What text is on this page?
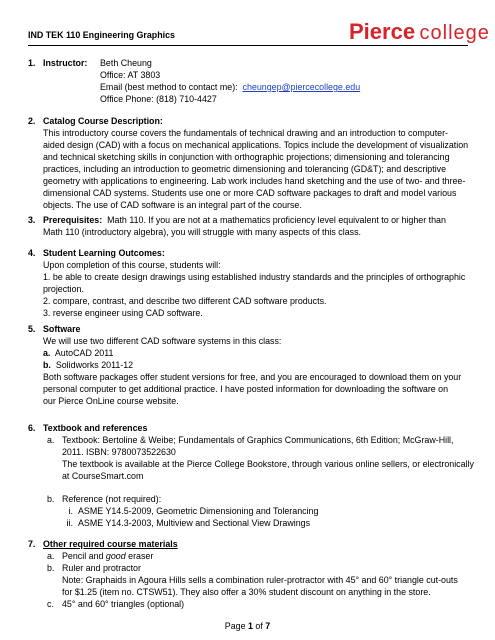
IND TEK 110 Engineering Graphics	Pierce college
1. Instructor: Beth Cheung
Office: AT 3803
Email (best method to contact me): cheungep@piercecollege.edu
Office Phone: (818) 710-4427
2. Catalog Course Description:
This introductory course covers the fundamentals of technical drawing and an introduction to computer-
aided design (CAD) with a focus on mechanical applications. Topics include the development of visualization
and technical sketching skills in conjunction with orthographic projections; dimensioning and tolerancing
practices, including an introduction to geometric dimensioning and tolerancing (GD&T); and descriptive
geometry with applications to engineering. Lab work includes hand sketching and the use of two- and three-
dimensional CAD systems. Students use one or more CAD software packages to draft and model various
objects. The use of CAD software is an integral part of the course.
3. Prerequisites: Math 110. If you are not at a mathematics proficiency level equivalent to or higher than
Math 110 (introductory algebra), you will struggle with many aspects of this class.
4. Student Learning Outcomes:
Upon completion of this course, students will:
1. be able to create design drawings using established industry standards and the principles of orthographic
projection.
2. compare, contrast, and describe two different CAD software products.
3. reverse engineer using CAD software.
5. Software
We will use two different CAD software systems in this class:
a. AutoCAD 2011
b. Solidworks 2011-12
Both software packages offer student versions for free, and you are encouraged to download them on your
personal computer to get additional practice. I have posted information for downloading the software on
our Pierce OnLine course website.
6. Textbook and references
a. Textbook: Bertoline & Weibe; Fundamentals of Graphics Communications, 6th Edition; McGraw-Hill,
2011. ISBN: 9780073522630
The textbook is available at the Pierce College Bookstore, through various online sellers, or electronically
at CourseSmart.com
b. Reference (not required):
i. ASME Y14.5-2009, Geometric Dimensioning and Tolerancing
ii. ASME Y14.3-2003, Multiview and Sectional View Drawings
7. Other required course materials
a. Pencil and good eraser
b. Ruler and protractor
Note: Graphaids in Agoura Hills sells a combination ruler-protractor with 45° and 60° triangle cut-outs
for $1.25 (item no. CTSW51). They also offer a 30% student discount on anything in the store.
c. 45° and 60° triangles (optional)
Page 1 of 7
